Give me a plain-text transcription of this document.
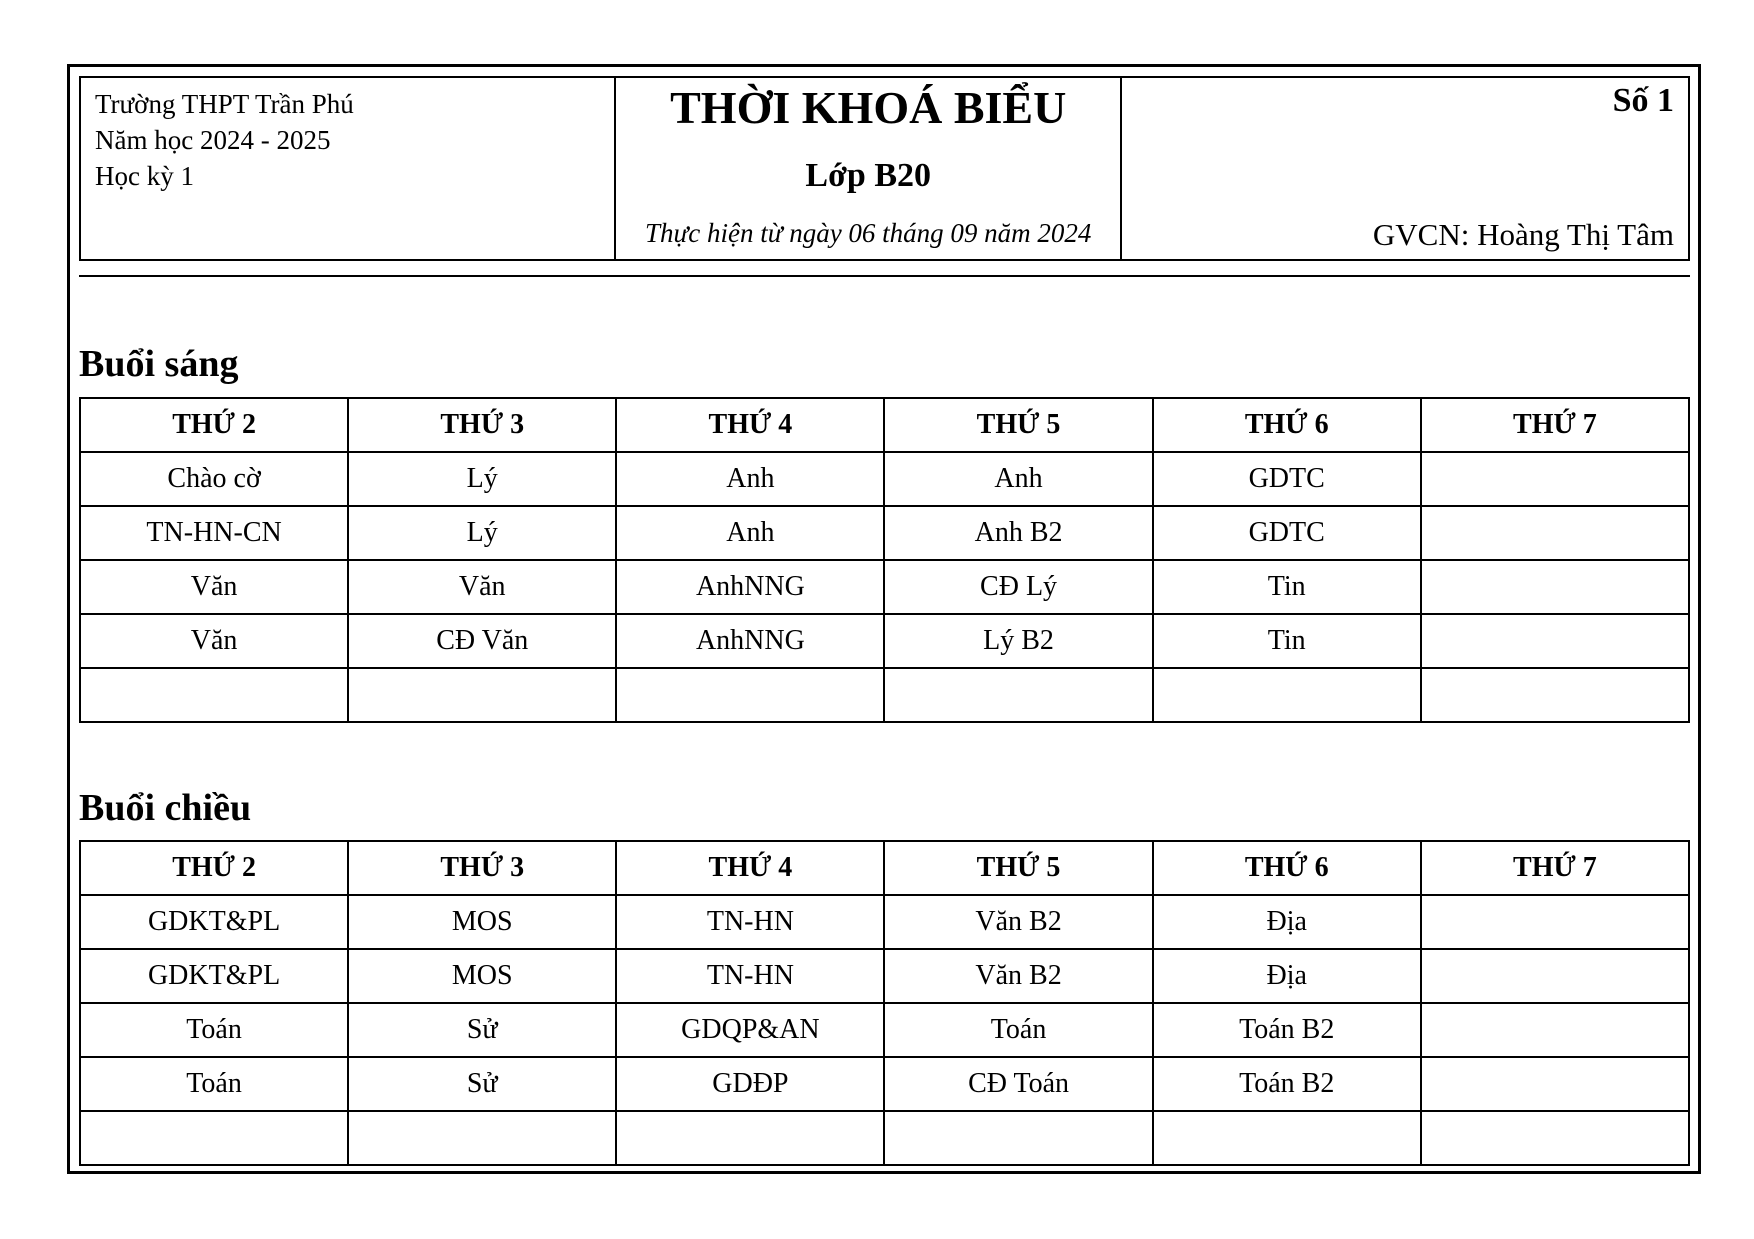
Trường THPT Trần Phú
Năm học 2024 - 2025
Học kỳ 1
THỜI KHOÁ BIỂU
Lớp B20
Thực hiện từ ngày 06 tháng 09 năm 2024
Số 1
GVCN: Hoàng Thị Tâm
Buổi sáng
THỨ 2	THỨ 3	THỨ 4	THỨ 5	THỨ 6	THỨ 7
Chào cờ	Lý	Anh	Anh	GDTC	
TN-HN-CN	Lý	Anh	Anh B2	GDTC	
Văn	Văn	AnhNNG	CĐ Lý	Tin	
Văn	CĐ Văn	AnhNNG	Lý B2	Tin	

Buổi chiều
THỨ 2	THỨ 3	THỨ 4	THỨ 5	THỨ 6	THỨ 7
GDKT&PL	MOS	TN-HN	Văn B2	Địa	
GDKT&PL	MOS	TN-HN	Văn B2	Địa	
Toán	Sử	GDQP&AN	Toán	Toán B2	
Toán	Sử	GDĐP	CĐ Toán	Toán B2	
